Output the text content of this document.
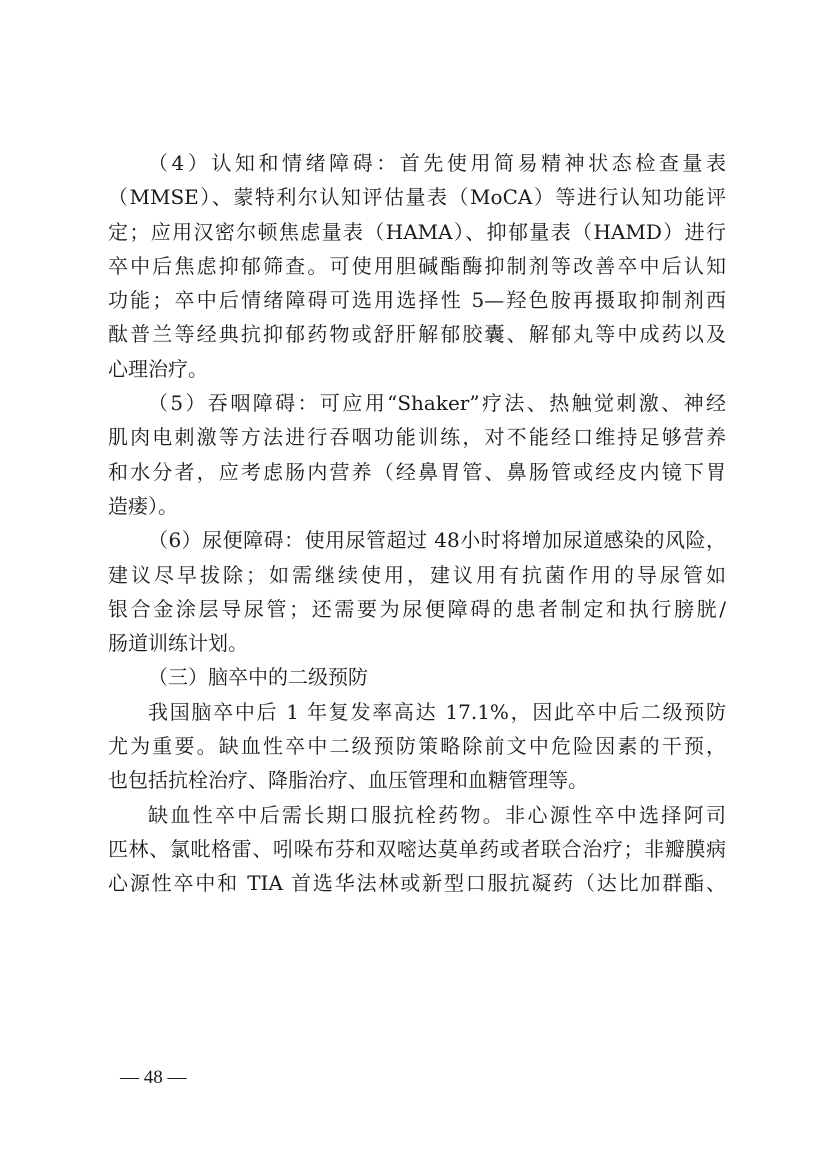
（4）认知和情绪障碍：首先使用简易精神状态检查量表
（MMSE）、蒙特利尔认知评估量表（MoCA）等进行认知功能评
定；应用汉密尔顿焦虑量表（HAMA）、抑郁量表（HAMD）进行
卒中后焦虑抑郁筛查。可使用胆碱酯酶抑制剂等改善卒中后认知
功能；卒中后情绪障碍可选用选择性 5—羟色胺再摄取抑制剂西
酞普兰等经典抗抑郁药物或舒肝解郁胶囊、解郁丸等中成药以及
心理治疗。
（5）吞咽障碍：可应用“Shaker”疗法、热触觉刺激、神经
肌肉电刺激等方法进行吞咽功能训练，对不能经口维持足够营养
和水分者，应考虑肠内营养（经鼻胃管、鼻肠管或经皮内镜下胃
造瘘）。
（6）尿便障碍：使用尿管超过 48小时将增加尿道感染的风险，
建议尽早拔除；如需继续使用，建议用有抗菌作用的导尿管如
银合金涂层导尿管；还需要为尿便障碍的患者制定和执行膀胱/
肠道训练计划。
（三）脑卒中的二级预防
我国脑卒中后 1 年复发率高达 17.1%，因此卒中后二级预防
尤为重要。缺血性卒中二级预防策略除前文中危险因素的干预，
也包括抗栓治疗、降脂治疗、血压管理和血糖管理等。
缺血性卒中后需长期口服抗栓药物。非心源性卒中选择阿司
匹林、氯吡格雷、吲哚布芬和双嘧达莫单药或者联合治疗；非瓣膜病
心源性卒中和 TIA 首选华法林或新型口服抗凝药（达比加群酯、
— 48 —
